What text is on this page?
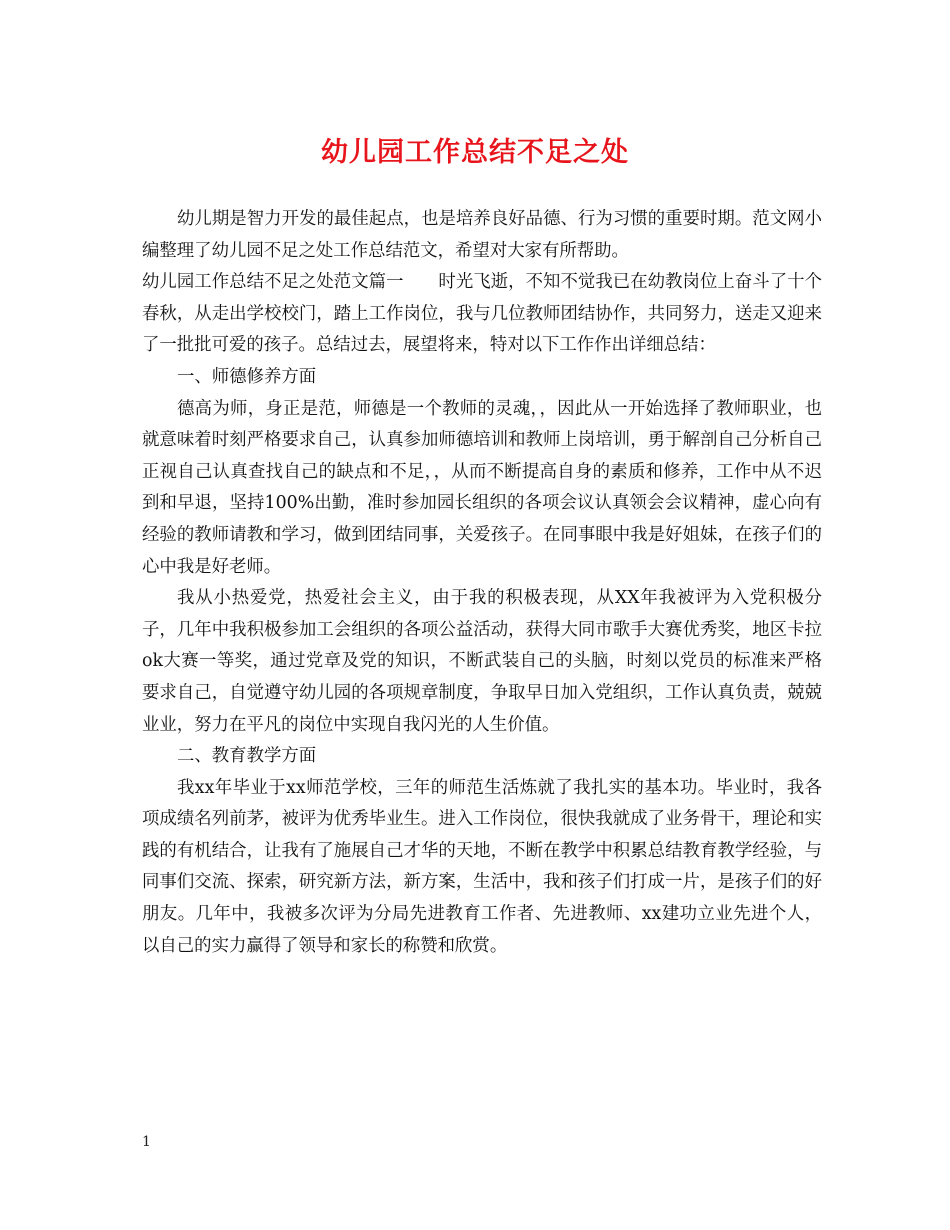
幼儿园工作总结不足之处

幼儿期是智力开发的最佳起点，也是培养良好品德、行为习惯的重要时期。范文网小编整理了幼儿园不足之处工作总结范文，希望对大家有所帮助。

幼儿园工作总结不足之处范文篇一　　时光飞逝，不知不觉我已在幼教岗位上奋斗了十个春秋，从走出学校校门，踏上工作岗位，我与几位教师团结协作，共同努力，送走又迎来了一批批可爱的孩子。总结过去，展望将来，特对以下工作作出详细总结：

一、师德修养方面

德高为师，身正是范，师德是一个教师的灵魂，，因此从一开始选择了教师职业，也就意味着时刻严格要求自己，认真参加师德培训和教师上岗培训，勇于解剖自己分析自己正视自己认真查找自己的缺点和不足，，从而不断提高自身的素质和修养，工作中从不迟到和早退，坚持100%出勤，准时参加园长组织的各项会议认真领会会议精神，虚心向有经验的教师请教和学习，做到团结同事，关爱孩子。在同事眼中我是好姐妹，在孩子们的心中我是好老师。

我从小热爱党，热爱社会主义，由于我的积极表现，从XX年我被评为入党积极分子，几年中我积极参加工会组织的各项公益活动，获得大同市歌手大赛优秀奖，地区卡拉ok大赛一等奖，通过党章及党的知识，不断武装自己的头脑，时刻以党员的标准来严格要求自己，自觉遵守幼儿园的各项规章制度，争取早日加入党组织，工作认真负责，兢兢业业，努力在平凡的岗位中实现自我闪光的人生价值。

二、教育教学方面

我xx年毕业于xx师范学校，三年的师范生活炼就了我扎实的基本功。毕业时，我各项成绩名列前茅，被评为优秀毕业生。进入工作岗位，很快我就成了业务骨干，理论和实践的有机结合，让我有了施展自己才华的天地，不断在教学中积累总结教育教学经验，与同事们交流、探索，研究新方法，新方案，生活中，我和孩子们打成一片，是孩子们的好朋友。几年中，我被多次评为分局先进教育工作者、先进教师、xx建功立业先进个人，以自己的实力赢得了领导和家长的称赞和欣赏。

1
